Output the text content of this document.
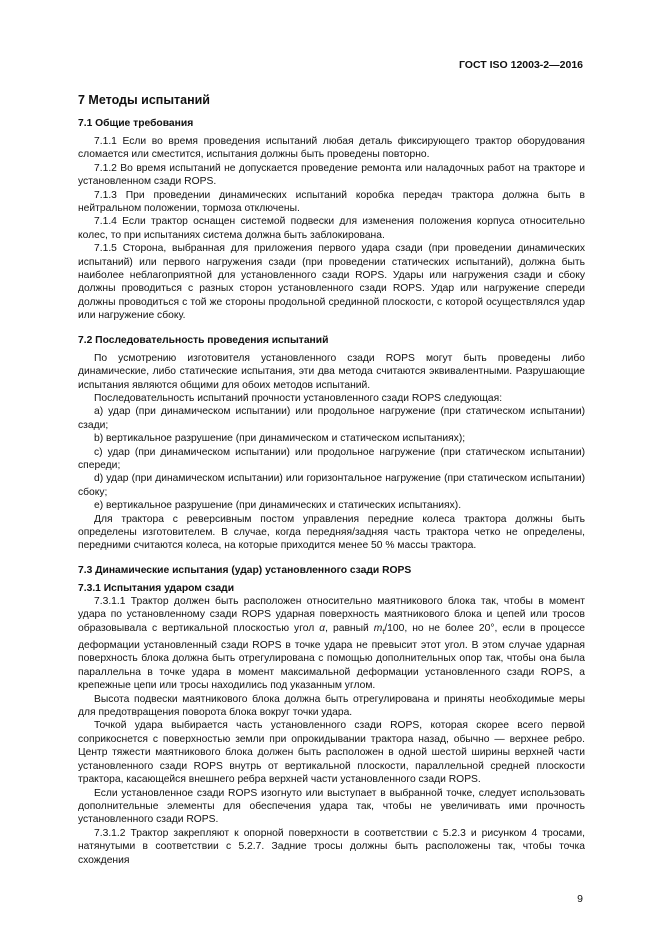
ГОСТ ISO 12003-2—2016
7 Методы испытаний
7.1 Общие требования

7.1.1 Если во время проведения испытаний любая деталь фиксирующего трактор оборудования сломается или сместится, испытания должны быть проведены повторно.

7.1.2 Во время испытаний не допускается проведение ремонта или наладочных работ на тракторе и установленном сзади ROPS.

7.1.3 При проведении динамических испытаний коробка передач трактора должна быть в нейтральном положении, тормоза отключены.

7.1.4 Если трактор оснащен системой подвески для изменения положения корпуса относительно колес, то при испытаниях система должна быть заблокирована.

7.1.5 Сторона, выбранная для приложения первого удара сзади (при проведении динамических испытаний) или первого нагружения сзади (при проведении статических испытаний), должна быть наиболее неблагоприятной для установленного сзади ROPS. Удары или нагружения сзади и сбоку должны проводиться с разных сторон установленного сзади ROPS. Удар или нагружение спереди должны проводиться с той же стороны продольной срединной плоскости, с которой осуществлялся удар или нагружение сбоку.

7.2 Последовательность проведения испытаний

По усмотрению изготовителя установленного сзади ROPS могут быть проведены либо динамические, либо статические испытания, эти два метода считаются эквивалентными. Разрушающие испытания являются общими для обоих методов испытаний.

Последовательность испытаний прочности установленного сзади ROPS следующая:

a) удар (при динамическом испытании) или продольное нагружение (при статическом испытании) сзади;

b) вертикальное разрушение (при динамическом и статическом испытаниях);

c) удар (при динамическом испытании) или продольное нагружение (при статическом испытании) спереди;

d) удар (при динамическом испытании) или горизонтальное нагружение (при статическом испытании) сбоку;

e) вертикальное разрушение (при динамических и статических испытаниях).

Для трактора с реверсивным постом управления передние колеса трактора должны быть определены изготовителем. В случае, когда передняя/задняя часть трактора четко не определены, передними считаются колеса, на которые приходится менее 50 % массы трактора.

7.3 Динамические испытания (удар) установленного сзади ROPS
7.3.1 Испытания ударом сзади

7.3.1.1 Трактор должен быть расположен относительно маятникового блока так, чтобы в момент удара по установленному сзади ROPS ударная поверхность маятникового блока и цепей или тросов образовывала с вертикальной плоскостью угол α, равный $m_t/100$, но не более 20°, если в процессе деформации установленный сзади ROPS в точке удара не превысит этот угол. В этом случае ударная поверхность блока должна быть отрегулирована с помощью дополнительных опор так, чтобы она была параллельна в точке удара в момент максимальной деформации установленного сзади ROPS, а крепежные цепи или тросы находились под указанным углом.

Высота подвески маятникового блока должна быть отрегулирована и приняты необходимые меры для предотвращения поворота блока вокруг точки удара.

Точкой удара выбирается часть установленного сзади ROPS, которая скорее всего первой соприкоснется с поверхностью земли при опрокидывании трактора назад, обычно — верхнее ребро. Центр тяжести маятникового блока должен быть расположен в одной шестой ширины верхней части установленного сзади ROPS внутрь от вертикальной плоскости, параллельной средней плоскости трактора, касающейся внешнего ребра верхней части установленного сзади ROPS.

Если установленное сзади ROPS изогнуто или выступает в выбранной точке, следует использовать дополнительные элементы для обеспечения удара так, чтобы не увеличивать ими прочность установленного сзади ROPS.

7.3.1.2 Трактор закрепляют к опорной поверхности в соответствии с 5.2.3 и рисунком 4 тросами, натянутыми в соответствии с 5.2.7. Задние тросы должны быть расположены так, чтобы точка схождения

9
